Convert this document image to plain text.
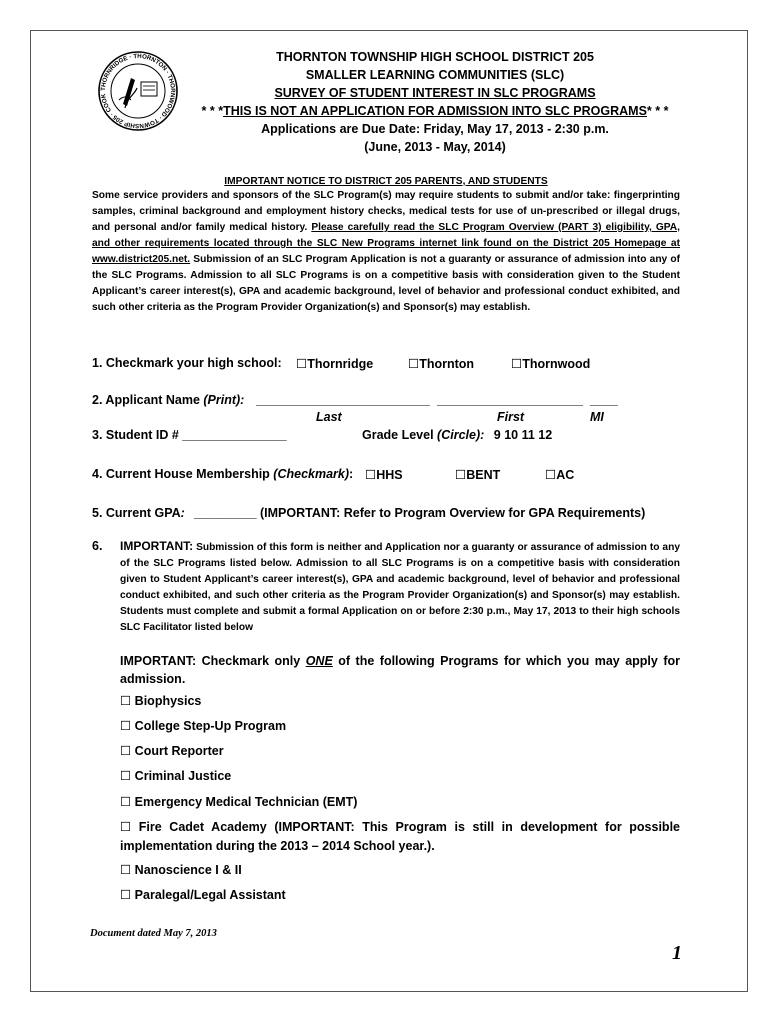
THORNRIDGE · THORNTON · THORNWOOD · TOWNSHIP 205 · COOK
THORNTON TOWNSHIP HIGH SCHOOL DISTRICT 205
SMALLER LEARNING COMMUNITIES (SLC)
SURVEY OF STUDENT INTEREST IN SLC PROGRAMS
* * *THIS IS NOT AN APPLICATION FOR ADMISSION INTO SLC PROGRAMS* * *
Applications are Due Date: Friday, May 17, 2013 - 2:30 p.m.
(June, 2013 - May, 2014)
IMPORTANT NOTICE TO DISTRICT 205 PARENTS, AND STUDENTS
Some service providers and sponsors of the SLC Program(s) may require students to submit and/or take: fingerprinting samples, criminal background and employment history checks, medical tests for use of un-prescribed or illegal drugs, and personal and/or family medical history. Please carefully read the SLC Program Overview (PART 3) eligibility, GPA, and other requirements located through the SLC New Programs internet link found on the District 205 Homepage at www.district205.net. Submission of an SLC Program Application is not a guaranty or assurance of admission into any of the SLC Programs. Admission to all SLC Programs is on a competitive basis with consideration given to the Student Applicant’s career interest(s), GPA and academic background, level of behavior and professional conduct exhibited, and such other criteria as the Program Provider Organization(s) and Sponsor(s) may establish.
1. Checkmark your high school: ☐Thornridge	☐Thornton	☐Thornwood
2. Applicant Name (Print): _________________________ _____________________ ____
Last	First	MI
3. Student ID # _______________	Grade Level (Circle): 9 10 11 12
4. Current House Membership (Checkmark): ☐HHS	☐BENT	☐AC
5. Current GPA: _________ (IMPORTANT: Refer to Program Overview for GPA Requirements)
6. IMPORTANT: Submission of this form is neither and Application nor a guaranty or assurance of admission to any of the SLC Programs listed below. Admission to all SLC Programs is on a competitive basis with consideration given to Student Applicant’s career interest(s), GPA and academic background, level of behavior and professional conduct exhibited, and such other criteria as the Program Provider Organization(s) and Sponsor(s) may establish. Students must complete and submit a formal Application on or before 2:30 p.m., May 17, 2013 to their high schools SLC Facilitator listed below
IMPORTANT: Checkmark only ONE of the following Programs for which you may apply for admission.
☐ Biophysics
☐ College Step-Up Program
☐ Court Reporter
☐ Criminal Justice
☐ Emergency Medical Technician (EMT)
☐ Fire Cadet Academy (IMPORTANT: This Program is still in development for possible implementation during the 2013 – 2014 School year.).
☐ Nanoscience I & II
☐ Paralegal/Legal Assistant
Document dated May 7, 2013
1
